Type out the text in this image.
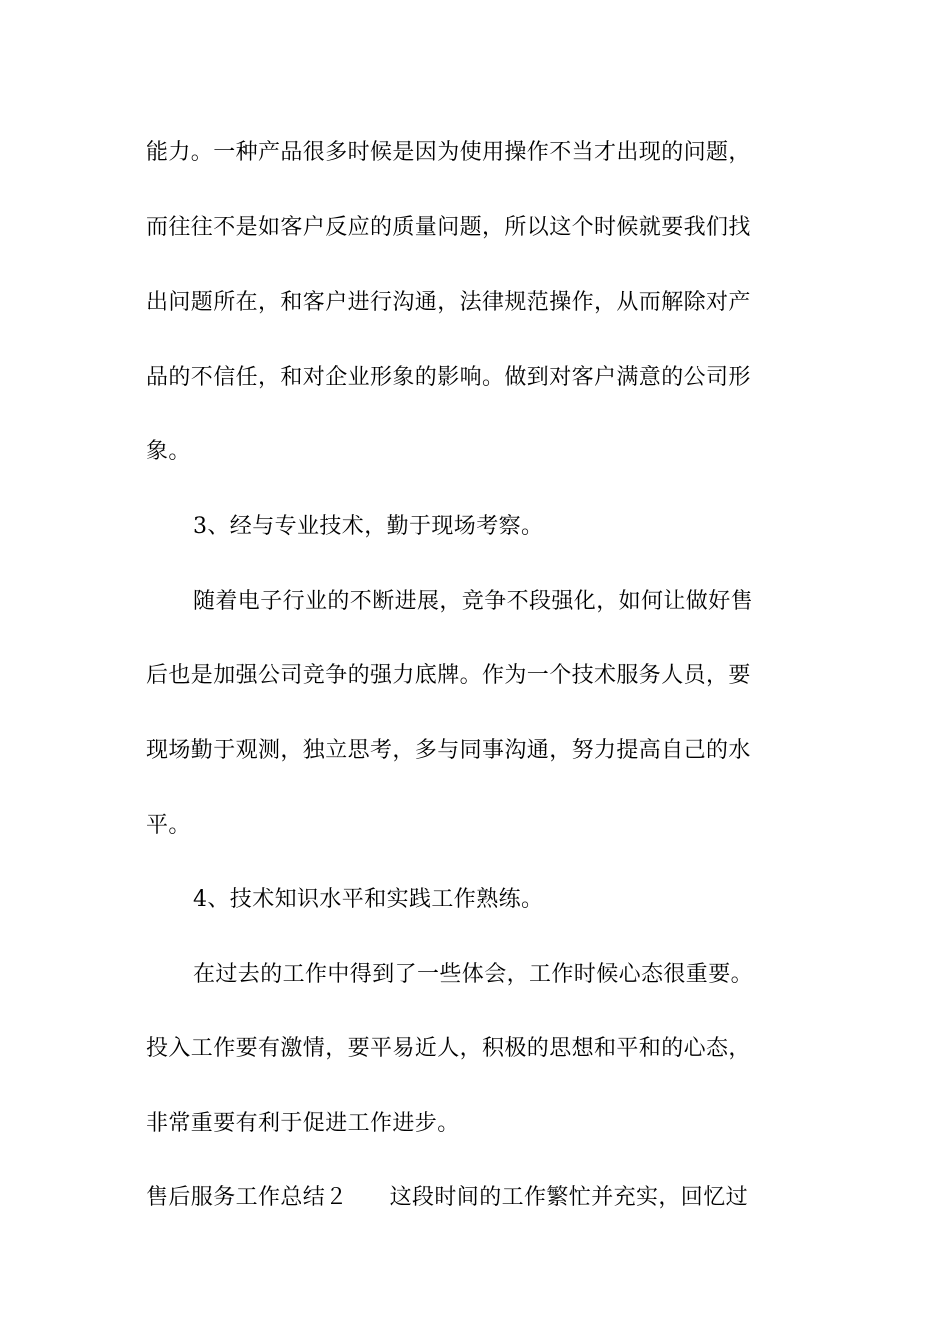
能力。一种产品很多时候是因为使用操作不当才出现的问题，
而往往不是如客户反应的质量问题，所以这个时候就要我们找
出问题所在，和客户进行沟通，法律规范操作，从而解除对产
品的不信任，和对企业形象的影响。做到对客户满意的公司形
象。
3、经与专业技术，勤于现场考察。
随着电子行业的不断进展，竞争不段强化，如何让做好售
后也是加强公司竞争的强力底牌。作为一个技术服务人员，要
现场勤于观测，独立思考，多与同事沟通，努力提高自己的水
平。
4、技术知识水平和实践工作熟练。
在过去的工作中得到了一些体会，工作时候心态很重要。
投入工作要有激情，要平易近人，积极的思想和平和的心态，
非常重要有利于促进工作进步。
售后服务工作总结２ 这段时间的工作繁忙并充实，回忆过
